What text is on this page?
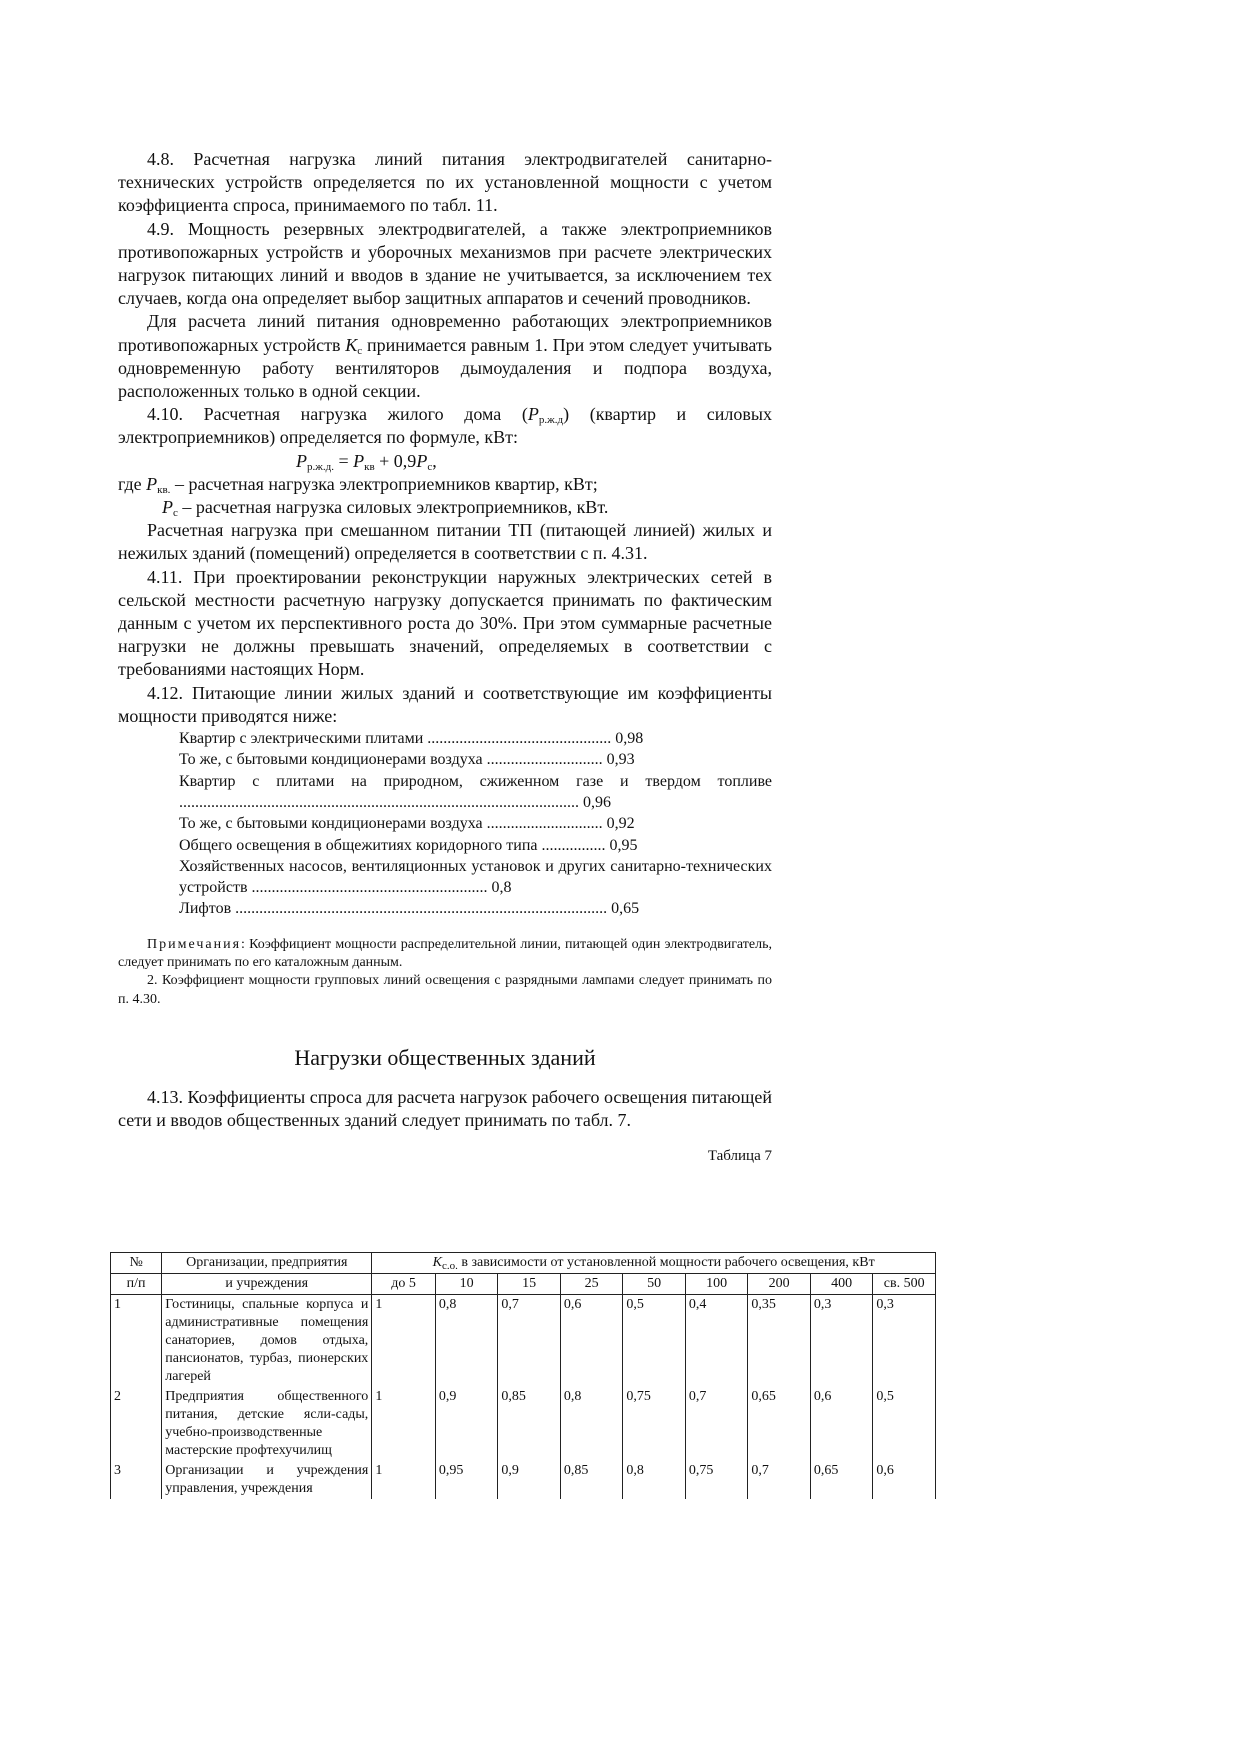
4.8. Расчетная нагрузка линий питания электродвигателей санитарно-технических устройств определяется по их установленной мощности с учетом коэффициента спроса, принимаемого по табл. 11.

4.9. Мощность резервных электродвигателей, а также электроприемников противопожарных устройств и уборочных механизмов при расчете электрических нагрузок питающих линий и вводов в здание не учитывается, за исключением тех случаев, когда она определяет выбор защитных аппаратов и сечений проводников.

Для расчета линий питания одновременно работающих электроприемников противопожарных устройств $K_с$ принимается равным 1. При этом следует учитывать одновременную работу вентиляторов дымоудаления и подпора воздуха, расположенных только в одной секции.

4.10. Расчетная нагрузка жилого дома $(P_{р.ж.д})$ (квартир и силовых электроприемников) определяется по формуле, кВт:

$P_{р.ж.д.} = P_{кв} + 0,9P_с$,

где $P_{кв.}$ – расчетная нагрузка электроприемников квартир, кВт;

$P_с$ – расчетная нагрузка силовых электроприемников, кВт.

Расчетная нагрузка при смешанном питании ТП (питающей линией) жилых и нежилых зданий (помещений) определяется в соответствии с п. 4.31.

4.11. При проектировании реконструкции наружных электрических сетей в сельской местности расчетную нагрузку допускается принимать по фактическим данным с учетом их перспективного роста до 30%. При этом суммарные расчетные нагрузки не должны превышать значений, определяемых в соответствии с требованиями настоящих Норм.

4.12. Питающие линии жилых зданий и соответствующие им коэффициенты мощности приводятся ниже:

Квартир с электрическими плитами .............................................. 0,98

То же, с бытовыми кондиционерами воздуха ............................. 0,93

Квартир с плитами на природном, сжиженном газе и твердом топливе .................................................................................................... 0,96

То же, с бытовыми кондиционерами воздуха ............................. 0,92

Общего освещения в общежитиях коридорного типа ................ 0,95

Хозяйственных насосов, вентиляционных установок и других санитарно-технических устройств ........................................................... 0,8

Лифтов ............................................................................................. 0,65

Примечания: Коэффициент мощности распределительной линии, питающей один электродвигатель, следует принимать по его каталожным данным.

2. Коэффициент мощности групповых линий освещения с разрядными лампами следует принимать по п. 4.30.

Нагрузки общественных зданий

4.13. Коэффициенты спроса для расчета нагрузок рабочего освещения питающей сети и вводов общественных зданий следует принимать по табл. 7.

Таблица 7
№	Организации, предприятия	$K_{с.о.}$ в зависимости от установленной мощности рабочего освещения, кВт								
п/п	и учреждения	до 5	10	15	25	50	100	200	400	св. 500
1	Гостиницы, спальные корпуса и административные помещения санаториев, домов отдыха, пансионатов, турбаз, пионерских лагерей	1	0,8	0,7	0,6	0,5	0,4	0,35	0,3	0,3
2	Предприятия общественного питания, детские ясли-сады, учебно-производственные мастерские профтехучилищ	1	0,9	0,85	0,8	0,75	0,7	0,65	0,6	0,5
3	Организации и учреждения управления, учреждения	1	0,95	0,9	0,85	0,8	0,75	0,7	0,65	0,6
